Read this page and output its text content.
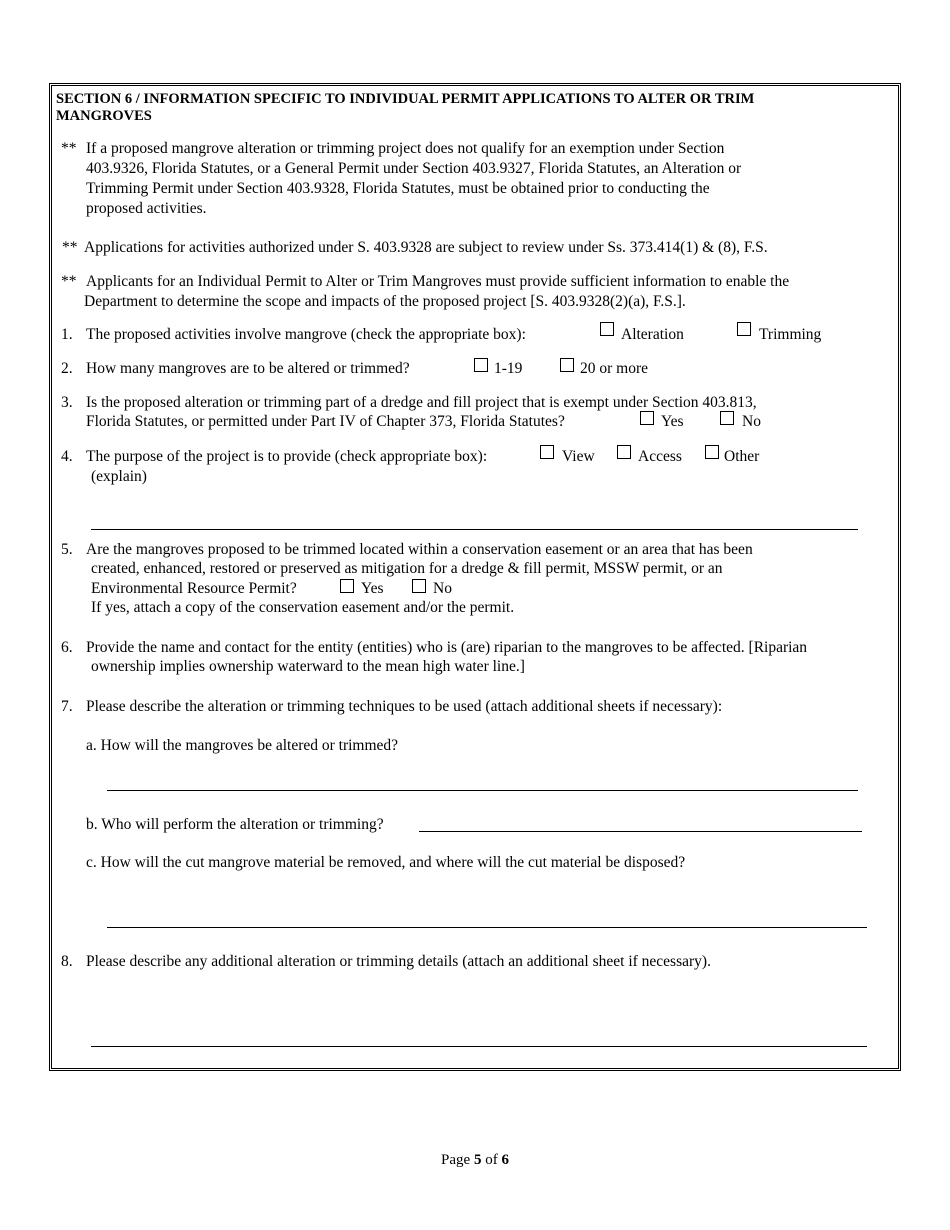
SECTION 6 / INFORMATION SPECIFIC TO INDIVIDUAL PERMIT APPLICATIONS TO ALTER OR TRIM
MANGROVES
** If a proposed mangrove alteration or trimming project does not qualify for an exemption under Section
403.9326, Florida Statutes, or a General Permit under Section 403.9327, Florida Statutes, an Alteration or
Trimming Permit under Section 403.9328, Florida Statutes, must be obtained prior to conducting the
proposed activities.
** Applications for activities authorized under S. 403.9328 are subject to review under Ss. 373.414(1) & (8), F.S.
** Applicants for an Individual Permit to Alter or Trim Mangroves must provide sufficient information to enable the
Department to determine the scope and impacts of the proposed project [S. 403.9328(2)(a), F.S.].
1. The proposed activities involve mangrove (check the appropriate box):	Alteration	Trimming
2. How many mangroves are to be altered or trimmed?	1-19	20 or more
3. Is the proposed alteration or trimming part of a dredge and fill project that is exempt under Section 403.813,
Florida Statutes, or permitted under Part IV of Chapter 373, Florida Statutes?	Yes	No
4. The purpose of the project is to provide (check appropriate box):	View	Access	Other
(explain)
5. Are the mangroves proposed to be trimmed located within a conservation easement or an area that has been
created, enhanced, restored or preserved as mitigation for a dredge & fill permit, MSSW permit, or an
Environmental Resource Permit?	Yes	No
If yes, attach a copy of the conservation easement and/or the permit.
6. Provide the name and contact for the entity (entities) who is (are) riparian to the mangroves to be affected. [Riparian
ownership implies ownership waterward to the mean high water line.]
7. Please describe the alteration or trimming techniques to be used (attach additional sheets if necessary):
a. How will the mangroves be altered or trimmed?
b. Who will perform the alteration or trimming?
c. How will the cut mangrove material be removed, and where will the cut material be disposed?
8. Please describe any additional alteration or trimming details (attach an additional sheet if necessary).
Page 5 of 6
